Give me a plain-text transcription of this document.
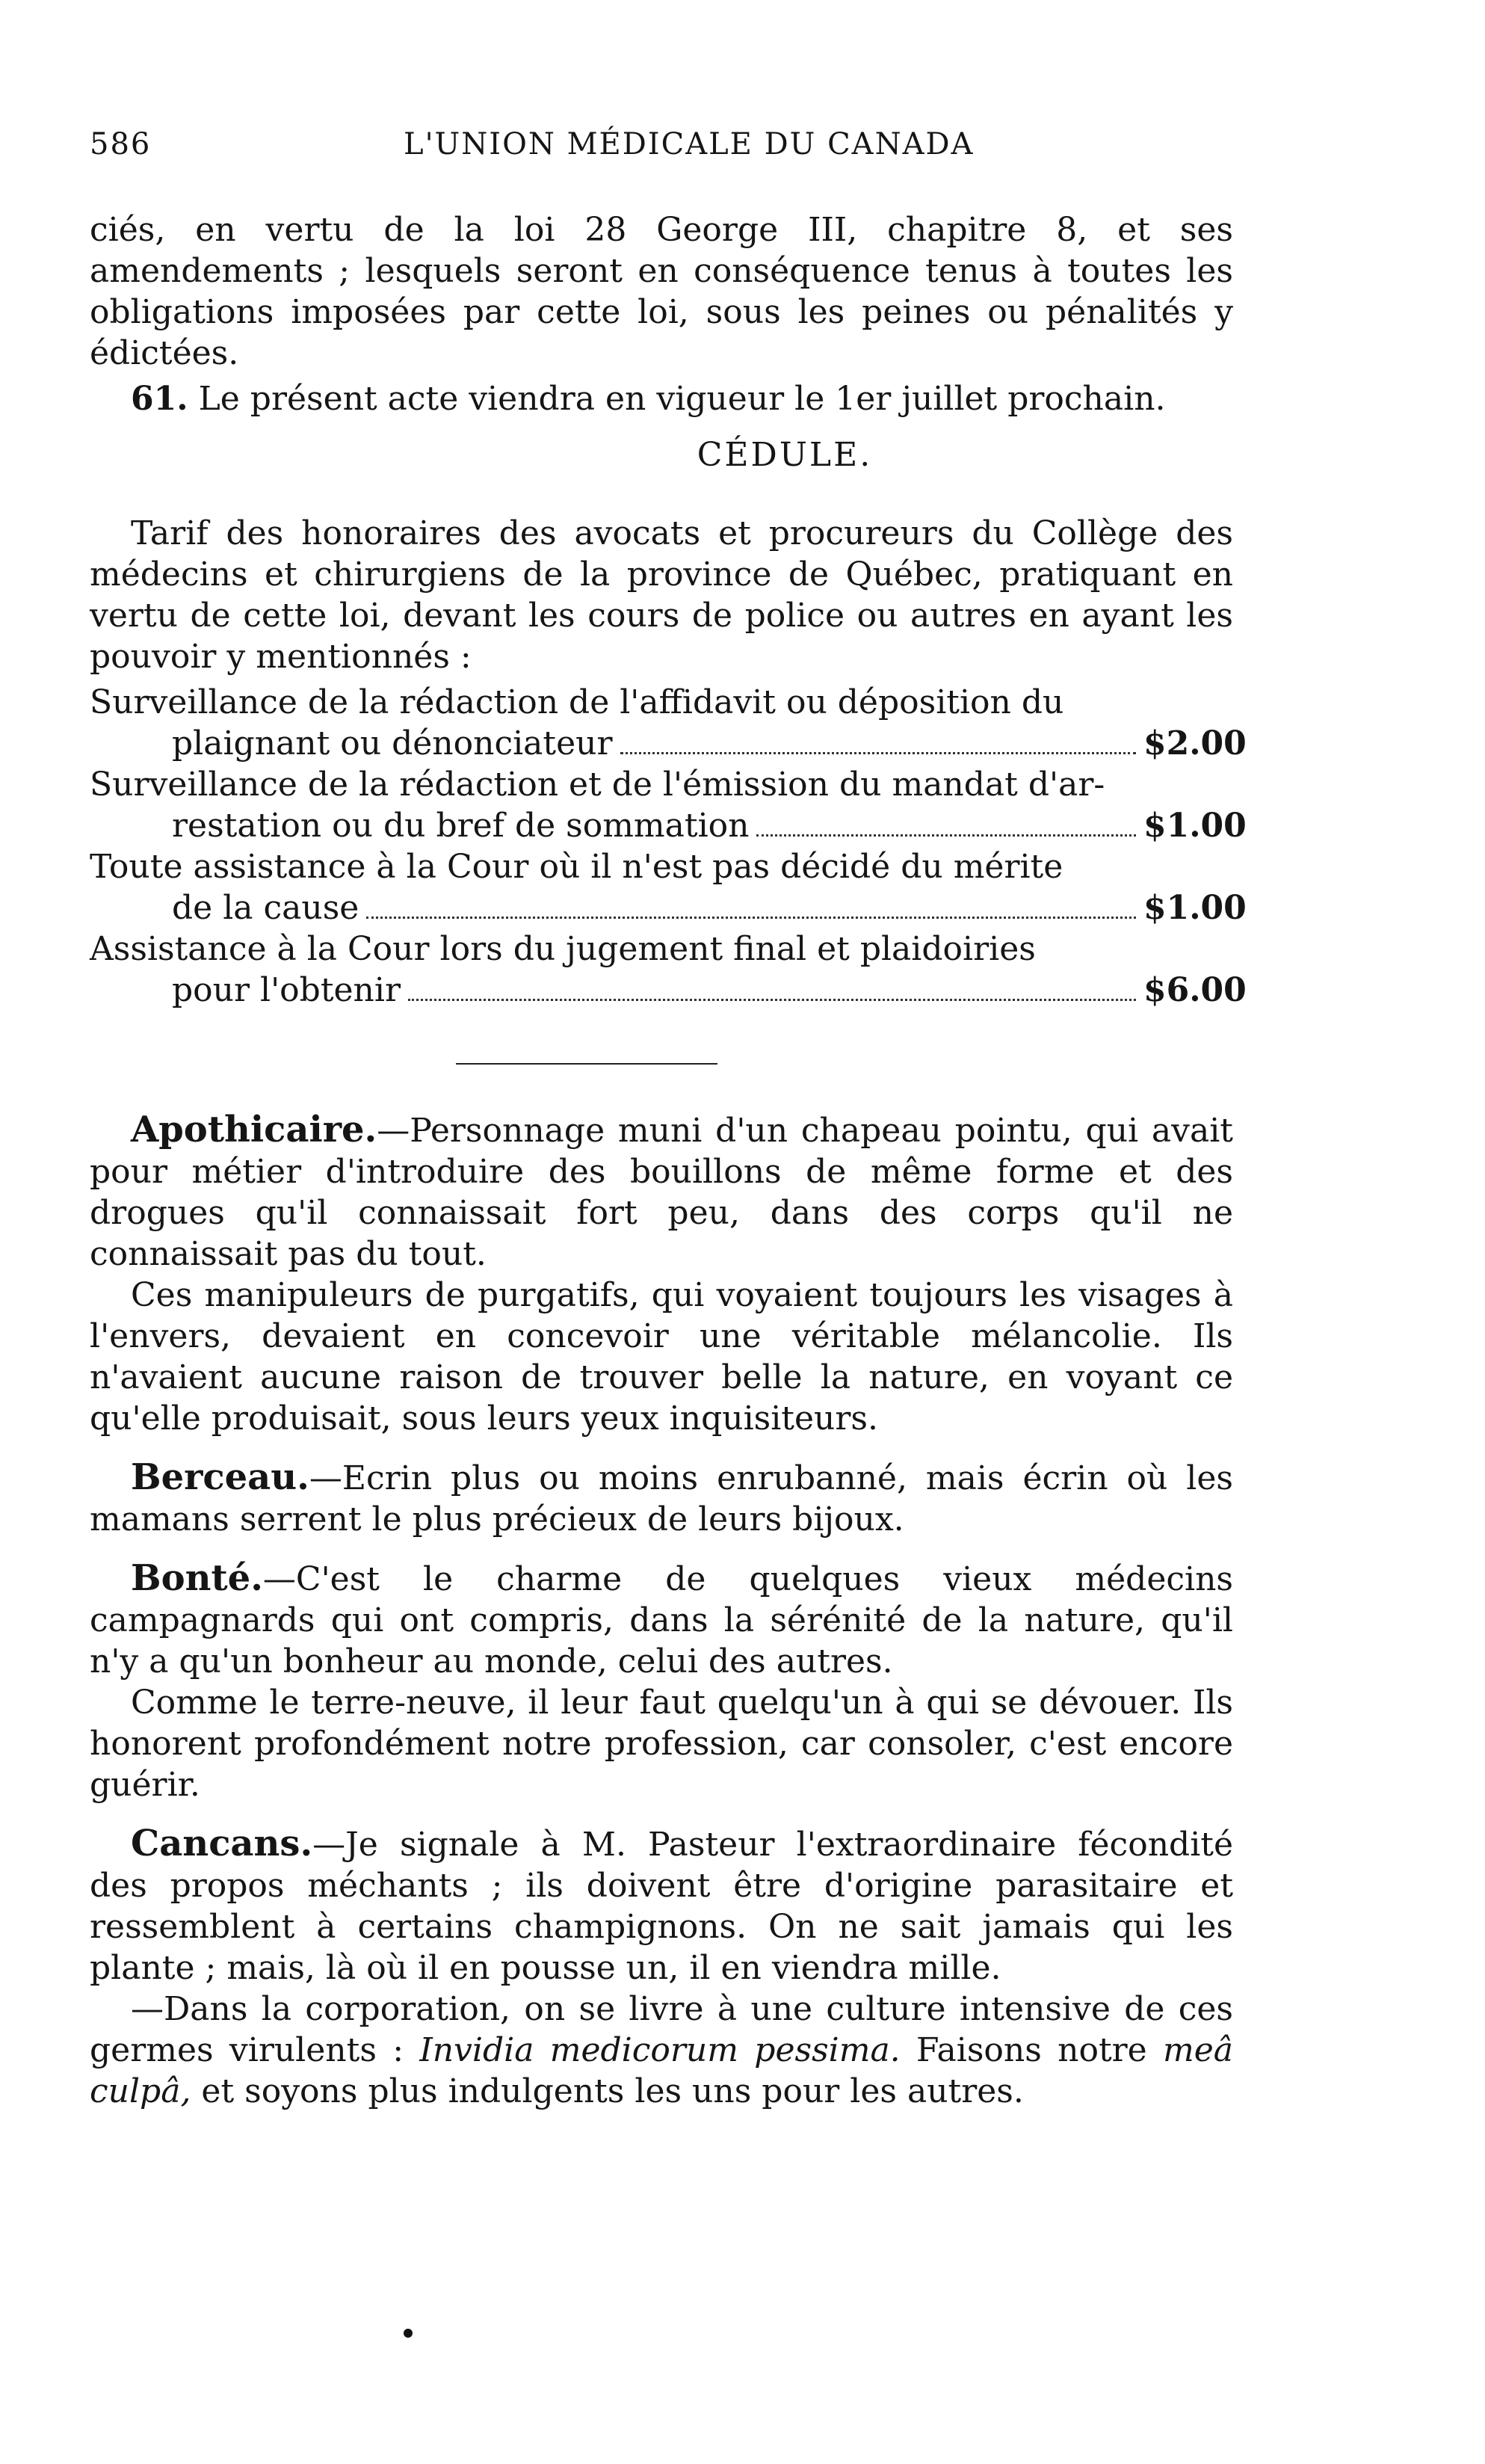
586	L'UNION MÉDICALE DU CANADA

ciés, en vertu de la loi 28 George III, chapitre 8, et ses amendements ; lesquels seront en conséquence tenus à toutes les obligations imposées par cette loi, sous les peines ou pénalités y édictées.

61. Le présent acte viendra en vigueur le 1er juillet prochain.

CÉDULE.

Tarif des honoraires des avocats et procureurs du Collège des médecins et chirurgiens de la province de Québec, pratiquant en vertu de cette loi, devant les cours de police ou autres en ayant les pouvoir y mentionnés :

Surveillance de la rédaction de l'affidavit ou déposition du

plaignant ou dénonciateur	$2.00

Surveillance de la rédaction et de l'émission du mandat d'ar-

restation ou du bref de sommation	$1.00

Toute assistance à la Cour où il n'est pas décidé du mérite

de la cause	$1.00

Assistance à la Cour lors du jugement final et plaidoiries

pour l'obtenir	$6.00

Apothicaire.—Personnage muni d'un chapeau pointu, qui avait pour métier d'introduire des bouillons de même forme et des drogues qu'il connaissait fort peu, dans des corps qu'il ne connaissait pas du tout.

Ces manipuleurs de purgatifs, qui voyaient toujours les visages à l'envers, devaient en concevoir une véritable mélancolie. Ils n'avaient aucune raison de trouver belle la nature, en voyant ce qu'elle produisait, sous leurs yeux inquisiteurs.

Berceau.—Ecrin plus ou moins enrubanné, mais écrin où les mamans serrent le plus précieux de leurs bijoux.

Bonté.—C'est le charme de quelques vieux médecins campagnards qui ont compris, dans la sérénité de la nature, qu'il n'y a qu'un bonheur au monde, celui des autres.

Comme le terre-neuve, il leur faut quelqu'un à qui se dévouer. Ils honorent profondément notre profession, car consoler, c'est encore guérir.

Cancans.—Je signale à M. Pasteur l'extraordinaire fécondité des propos méchants ; ils doivent être d'origine parasitaire et ressemblent à certains champignons. On ne sait jamais qui les plante ; mais, là où il en pousse un, il en viendra mille.

—Dans la corporation, on se livre à une culture intensive de ces germes virulents : Invidia medicorum pessima. Faisons notre meâ culpâ, et soyons plus indulgents les uns pour les autres.
